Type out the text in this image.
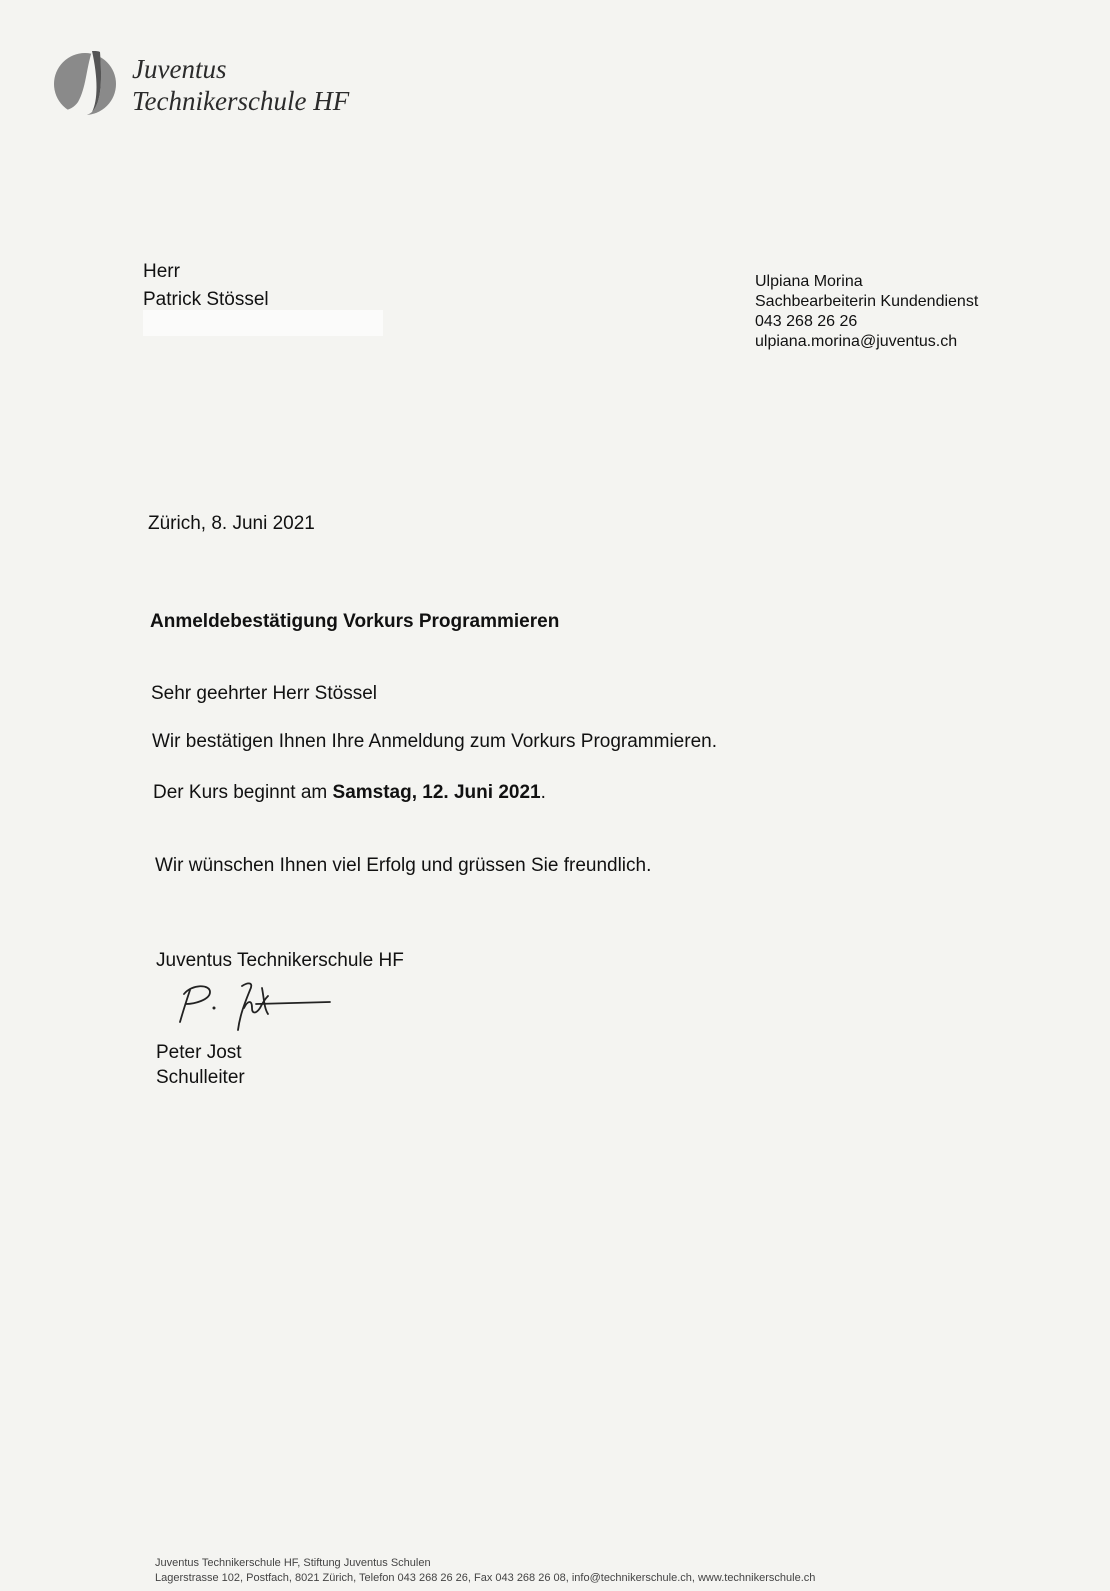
Juventus
Technikerschule HF
Herr
Patrick Stössel
Ulpiana Morina
Sachbearbeiterin Kundendienst
043 268 26 26
ulpiana.morina@juventus.ch
Zürich, 8. Juni 2021
Anmeldebestätigung Vorkurs Programmieren
Sehr geehrter Herr Stössel
Wir bestätigen Ihnen Ihre Anmeldung zum Vorkurs Programmieren.
Der Kurs beginnt am Samstag, 12. Juni 2021.
Wir wünschen Ihnen viel Erfolg und grüssen Sie freundlich.
Juventus Technikerschule HF
Peter Jost
Schulleiter
Juventus Technikerschule HF, Stiftung Juventus Schulen
Lagerstrasse 102, Postfach, 8021 Zürich, Telefon 043 268 26 26, Fax 043 268 26 08, info@technikerschule.ch, www.technikerschule.ch
